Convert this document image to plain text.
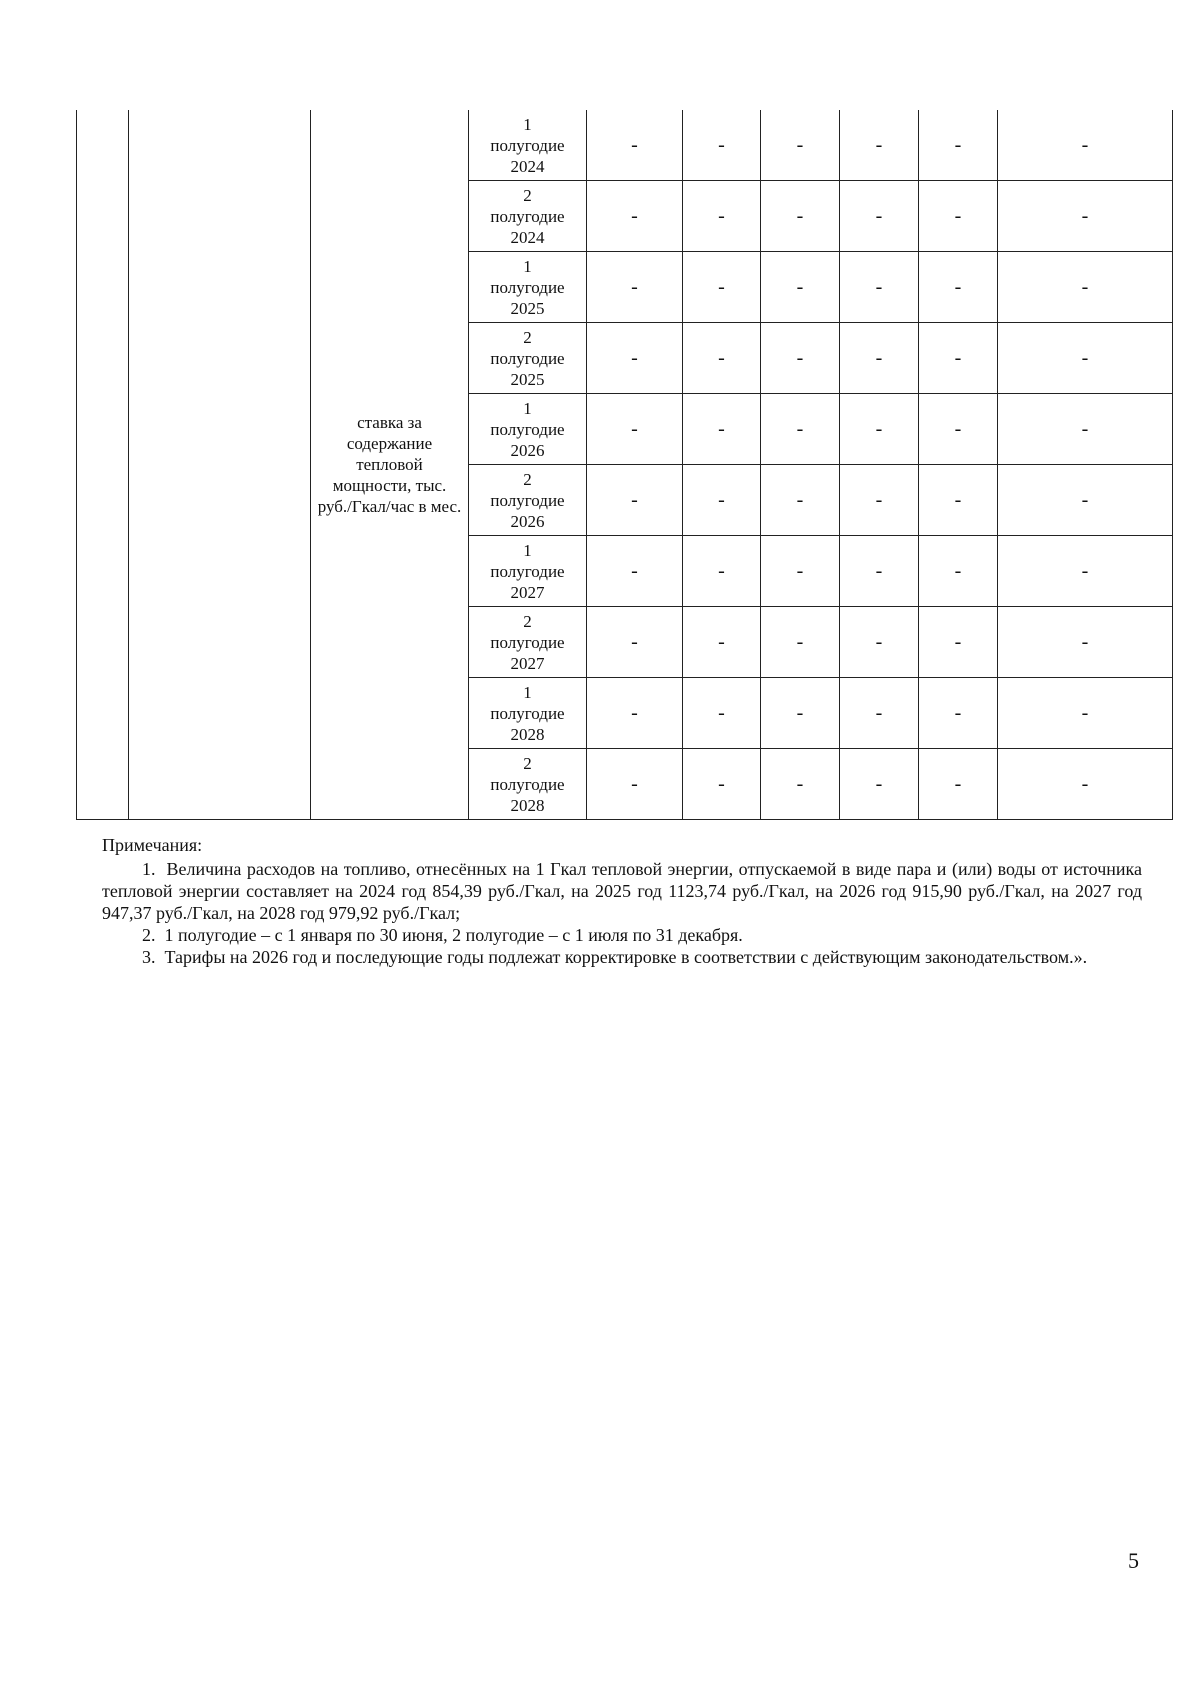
		ставка за содержание тепловой мощности, тыс. руб./Гкал/час в мес.	1
полугодие
2024	-	-	-	-	-	-

			2
полугодие
2024	-	-	-	-	-	-

			1
полугодие
2025	-	-	-	-	-	-

			2
полугодие
2025	-	-	-	-	-	-

			1
полугодие
2026	-	-	-	-	-	-

			2
полугодие
2026	-	-	-	-	-	-

			1
полугодие
2027	-	-	-	-	-	-

			2
полугодие
2027	-	-	-	-	-	-

			1
полугодие
2028	-	-	-	-	-	-

			2
полугодие
2028	-	-	-	-	-	-

Примечания:

1.  Величина расходов на топливо, отнесённых на 1 Гкал тепловой энергии, отпускаемой в виде пара и (или) воды от источника тепловой энергии составляет на 2024 год 854,39 руб./Гкал, на 2025 год 1123,74 руб./Гкал, на 2026 год 915,90 руб./Гкал, на 2027 год 947,37 руб./Гкал, на 2028 год 979,92 руб./Гкал;

2.  1 полугодие – с 1 января по 30 июня, 2 полугодие – с 1 июля по 31 декабря.

3.  Тарифы на 2026 год и последующие годы подлежат корректировке в соответствии с действующим законодательством.».

5
